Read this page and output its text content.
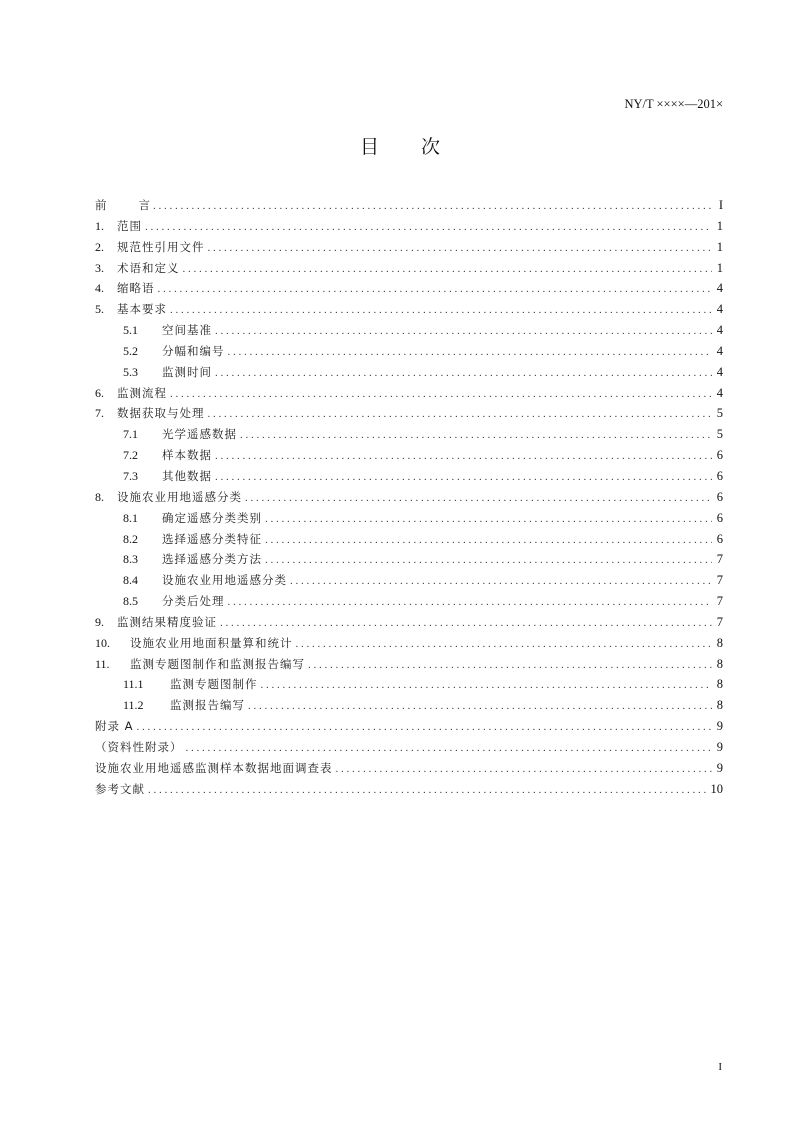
NY/T ××××—201×
目 次
前	言 . . .	I
1.	范围 . . .	1
2.	规范性引用文件 . . .	1
3.	术语和定义 . . .	1
4.	缩略语 . . .	4
5.	基本要求 . . .	4
5.1	空间基准 . . .	4
5.2	分幅和编号 . . .	4
5.3	监测时间 . . .	4
6.	监测流程 . . .	4
7.	数据获取与处理 . . .	5
7.1	光学遥感数据 . . .	5
7.2	样本数据 . . .	6
7.3	其他数据 . . .	6
8.	设施农业用地遥感分类 . . .	6
8.1	确定遥感分类类别 . . .	6
8.2	选择遥感分类特征 . . .	6
8.3	选择遥感分类方法 . . .	7
8.4	设施农业用地遥感分类 . . .	7
8.5	分类后处理 . . .	7
9.	监测结果精度验证 . . .	7
10.	设施农业用地面积量算和统计 . . .	8
11.	监测专题图制作和监测报告编写 . . .	8
11.1	监测专题图制作 . . .	8
11.2	监测报告编写 . . .	8
附录 A . . .	9
（资料性附录） . . .	9
设施农业用地遥感监测样本数据地面调查表 . . .	9
参考文献 . . .	10
I
